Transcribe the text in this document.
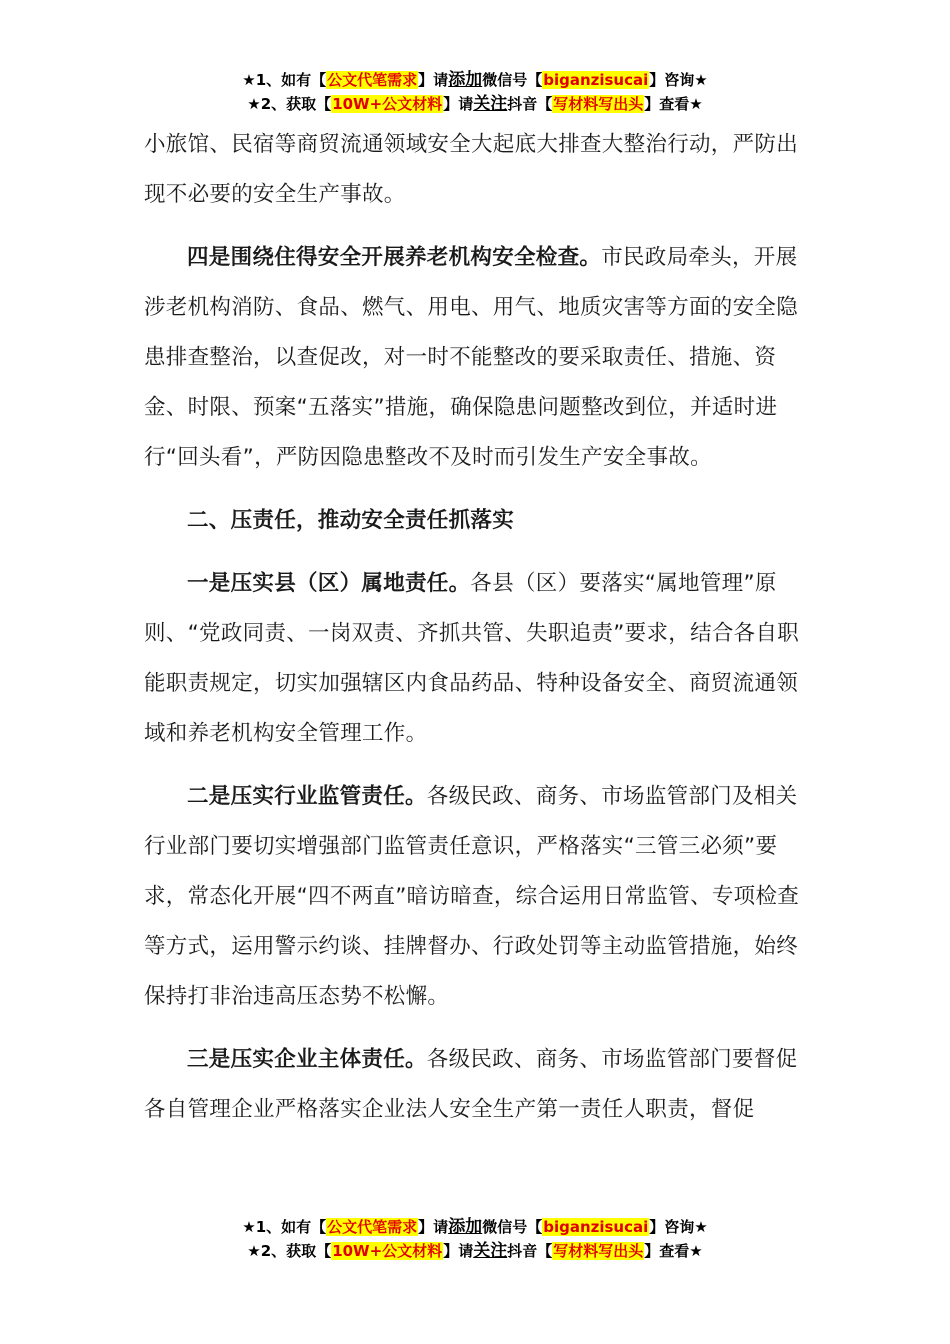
★1、如有【公文代笔需求】请添加微信号【biganzisucai】咨询★
★2、获取【10W+公文材料】请关注抖音【写材料写出头】查看★

小旅馆、民宿等商贸流通领域安全大起底大排查大整治行动，严防出现不必要的安全生产事故。

四是围绕住得安全开展养老机构安全检查。市民政局牵头，开展涉老机构消防、食品、燃气、用电、用气、地质灾害等方面的安全隐患排查整治，以查促改，对一时不能整改的要采取责任、措施、资金、时限、预案“五落实”措施，确保隐患问题整改到位，并适时进行“回头看”，严防因隐患整改不及时而引发生产安全事故。

二、压责任，推动安全责任抓落实

一是压实县（区）属地责任。各县（区）要落实“属地管理”原则、“党政同责、一岗双责、齐抓共管、失职追责”要求，结合各自职能职责规定，切实加强辖区内食品药品、特种设备安全、商贸流通领域和养老机构安全管理工作。

二是压实行业监管责任。各级民政、商务、市场监管部门及相关行业部门要切实增强部门监管责任意识，严格落实“三管三必须”要求，常态化开展“四不两直”暗访暗查，综合运用日常监管、专项检查等方式，运用警示约谈、挂牌督办、行政处罚等主动监管措施，始终保持打非治违高压态势不松懈。

三是压实企业主体责任。各级民政、商务、市场监管部门要督促各自管理企业严格落实企业法人安全生产第一责任人职责，督促

★1、如有【公文代笔需求】请添加微信号【biganzisucai】咨询★
★2、获取【10W+公文材料】请关注抖音【写材料写出头】查看★
